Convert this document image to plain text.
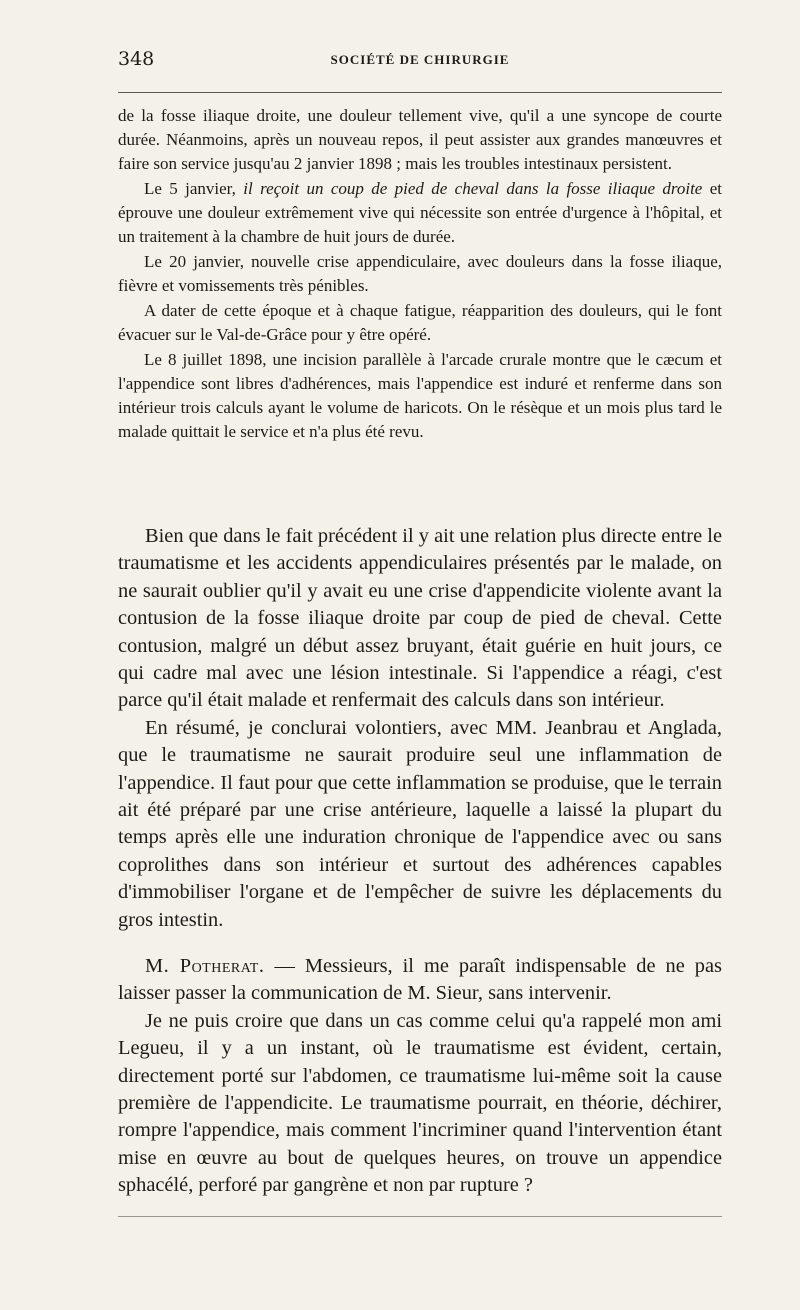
348	SOCIÉTÉ DE CHIRURGIE

de la fosse iliaque droite, une douleur tellement vive, qu'il a une syncope de courte durée. Néanmoins, après un nouveau repos, il peut assister aux grandes manœuvres et faire son service jusqu'au 2 janvier 1898 ; mais les troubles intestinaux persistent.

Le 5 janvier, il reçoit un coup de pied de cheval dans la fosse iliaque droite et éprouve une douleur extrêmement vive qui nécessite son entrée d'urgence à l'hôpital, et un traitement à la chambre de huit jours de durée.

Le 20 janvier, nouvelle crise appendiculaire, avec douleurs dans la fosse iliaque, fièvre et vomissements très pénibles.

A dater de cette époque et à chaque fatigue, réapparition des douleurs, qui le font évacuer sur le Val-de-Grâce pour y être opéré.

Le 8 juillet 1898, une incision parallèle à l'arcade crurale montre que le cæcum et l'appendice sont libres d'adhérences, mais l'appendice est induré et renferme dans son intérieur trois calculs ayant le volume de haricots. On le résèque et un mois plus tard le malade quittait le service et n'a plus été revu.

Bien que dans le fait précédent il y ait une relation plus directe entre le traumatisme et les accidents appendiculaires présentés par le malade, on ne saurait oublier qu'il y avait eu une crise d'appendicite violente avant la contusion de la fosse iliaque droite par coup de pied de cheval. Cette contusion, malgré un début assez bruyant, était guérie en huit jours, ce qui cadre mal avec une lésion intestinale. Si l'appendice a réagi, c'est parce qu'il était malade et renfermait des calculs dans son intérieur.

En résumé, je conclurai volontiers, avec MM. Jeanbrau et Anglada, que le traumatisme ne saurait produire seul une inflammation de l'appendice. Il faut pour que cette inflammation se produise, que le terrain ait été préparé par une crise antérieure, laquelle a laissé la plupart du temps après elle une induration chronique de l'appendice avec ou sans coprolithes dans son intérieur et surtout des adhérences capables d'immobiliser l'organe et de l'empêcher de suivre les déplacements du gros intestin.

M. Potherat. — Messieurs, il me paraît indispensable de ne pas laisser passer la communication de M. Sieur, sans intervenir.

Je ne puis croire que dans un cas comme celui qu'a rappelé mon ami Legueu, il y a un instant, où le traumatisme est évident, certain, directement porté sur l'abdomen, ce traumatisme lui-même soit la cause première de l'appendicite. Le traumatisme pourrait, en théorie, déchirer, rompre l'appendice, mais comment l'incriminer quand l'intervention étant mise en œuvre au bout de quelques heures, on trouve un appendice sphacélé, perforé par gangrène et non par rupture ?
